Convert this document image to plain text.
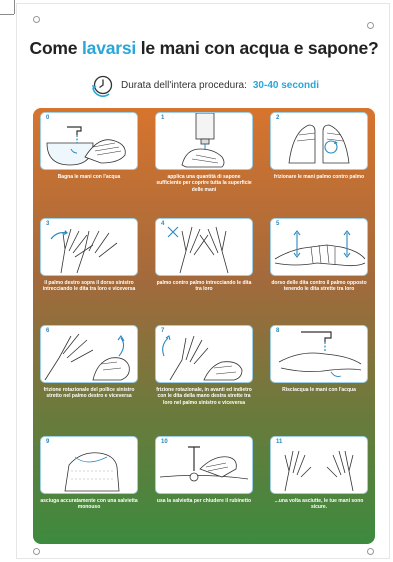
Come lavarsi le mani con acqua e sapone?
Durata dell'intera procedura: 30-40 secondi
0
Bagna le mani con l'acqua
1
applica una quantità di sapone sufficiente per coprire tutta la superficie delle mani
2
frizionare le mani palmo contro palmo
3
il palmo destro sopra il dorso sinistro intrecciando le dita tra loro e viceversa
4
palmo contro palmo intrecciando le dita tra loro
5
dorso delle dita contro il palmo opposto tenendo le dita strette tra loro
6
frizione rotazionale del pollice sinistro stretto nel palmo destro e viceversa
7
frizione rotazionale, in avanti ed indietro con le dita della mano destra strette tra loro nel palmo sinistro e viceversa
8
Risciacqua le mani con l'acqua
9
asciuga accuratamente con una salvietta monouso
10
usa la salvietta per chiudere il rubinetto
11
...una volta asciutte, le tue mani sono sicure.
